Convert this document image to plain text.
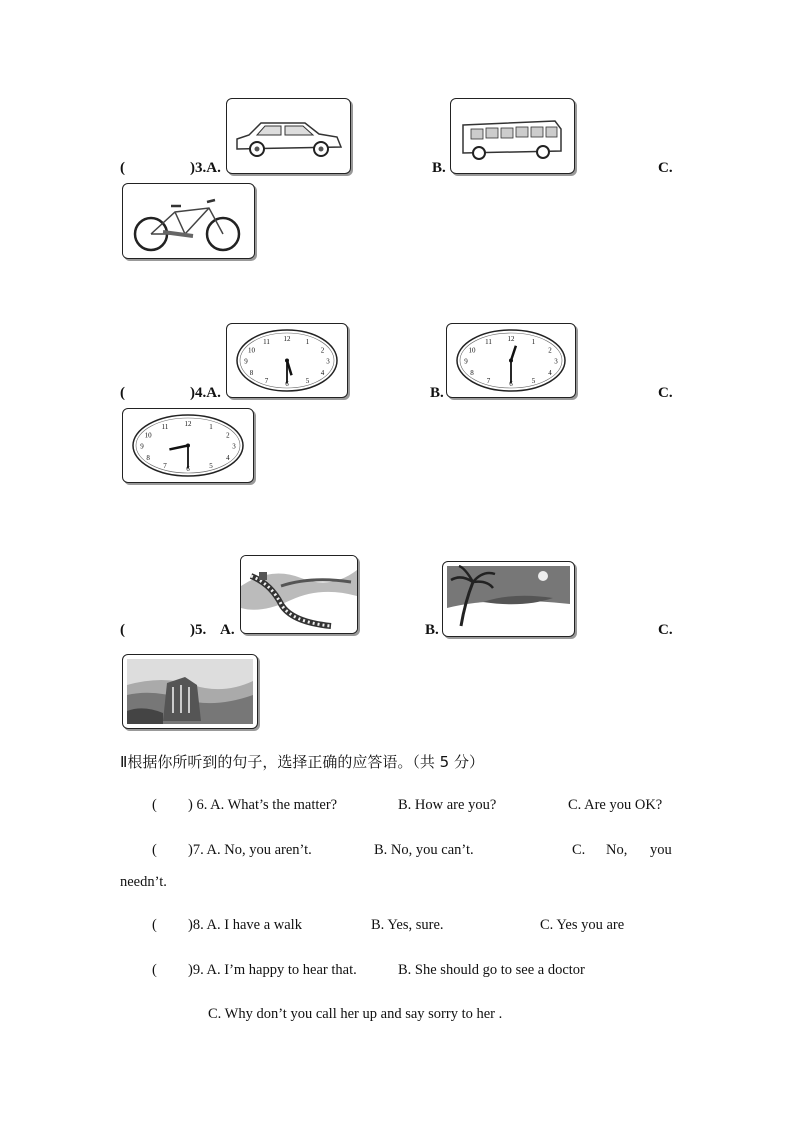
(	)3.A.	B.	C.
(	)4.A.
12 1
2
3
4
5
6
7
8
9
10
11
B.
12 1
2
3
4
5
6
7
8
9
10
11
C.
12	1
2
3
4
5
6
7
8
9
10
11
(	)5. A.	B.	C.
Ⅱ根据你所听到的句子，选择正确的应答语。（共 5 分）
( ) 6. A. What’s the matter?	B. How are you?	C. Are you OK?
( )7. A. No, you aren’t.	B. No, you can’t.	C. No, you
needn’t.
( )8. A. I have a walk	B. Yes, sure.	C. Yes you are
( )9. A. I’m happy to hear that.	B. She should go to see a doctor
C. Why don’t you call her up and say sorry to her .
